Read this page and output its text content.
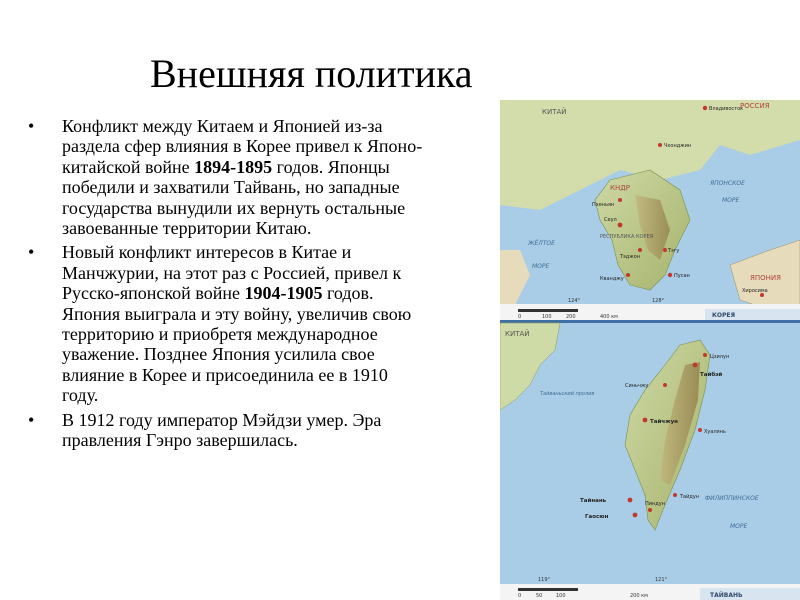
Внешняя политика
•	Конфликт между Китаем и Японией из-за раздела сфер влияния в Корее привел к Японо-китайской войне 1894-1895 годов. Японцы победили и захватили Тайвань, но западные государства вынудили их вернуть остальные завоеванные территории Китаю.
•	Новый конфликт интересов в Китае и Манчжурии, на этот раз с Россией, привел к Русско-японской войне 1904-1905 годов. Япония выиграла и эту войну, увеличив свою территорию и приобретя международное уважение. Позднее Япония усилила свое влияние в Корее и присоединила ее в 1910 году.
•	В 1912 году император Мэйдзи умер. Эра правления Гэнро завершилась.
КИТАЙ
РОССИЯ
КНДР
РЕСПУБЛИКА КОРЕЯ
ЖЁЛТОЕ
МОРЕ
ЯПОНСКОЕ
МОРЕ
ЯПОНИЯ
Владивосток
Чхонджин
Пхеньян
Сеул
Тэгу
Пусан
Тэджон
Кванджу
Хиросима
0	100	200	400 км
124°	128°
КОРЕЯ
КИТАЙ
Тайваньский пролив
ФИЛИППИНСКОЕ
МОРЕ
Тайбэй
Цзилун
Синьчжу
Тайчжун
Тайнань
Гаосюн
Пиндун
Хуалянь
Тайдун
0	50	100	200 км
119°	121°
ТАЙВАНЬ
